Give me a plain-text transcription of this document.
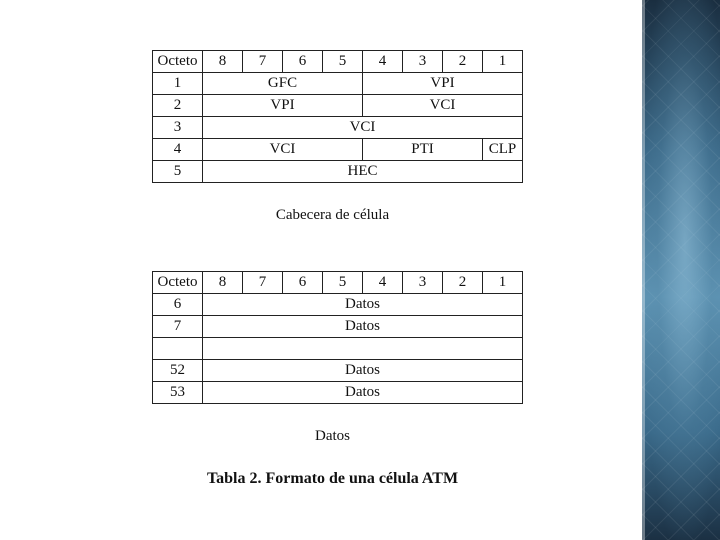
Octeto	8	7	6	5	4	3	2	1
1	GFC				VPI			
2	VPI				VCI			
3	VCI							
4	VCI				PTI			CLP
5	HEC							
Cabecera de célula
Octeto	8	7	6	5	4	3	2	1
6	Datos							
7	Datos							

52	Datos							
53	Datos							
Datos
Tabla 2. Formato de una célula ATM
